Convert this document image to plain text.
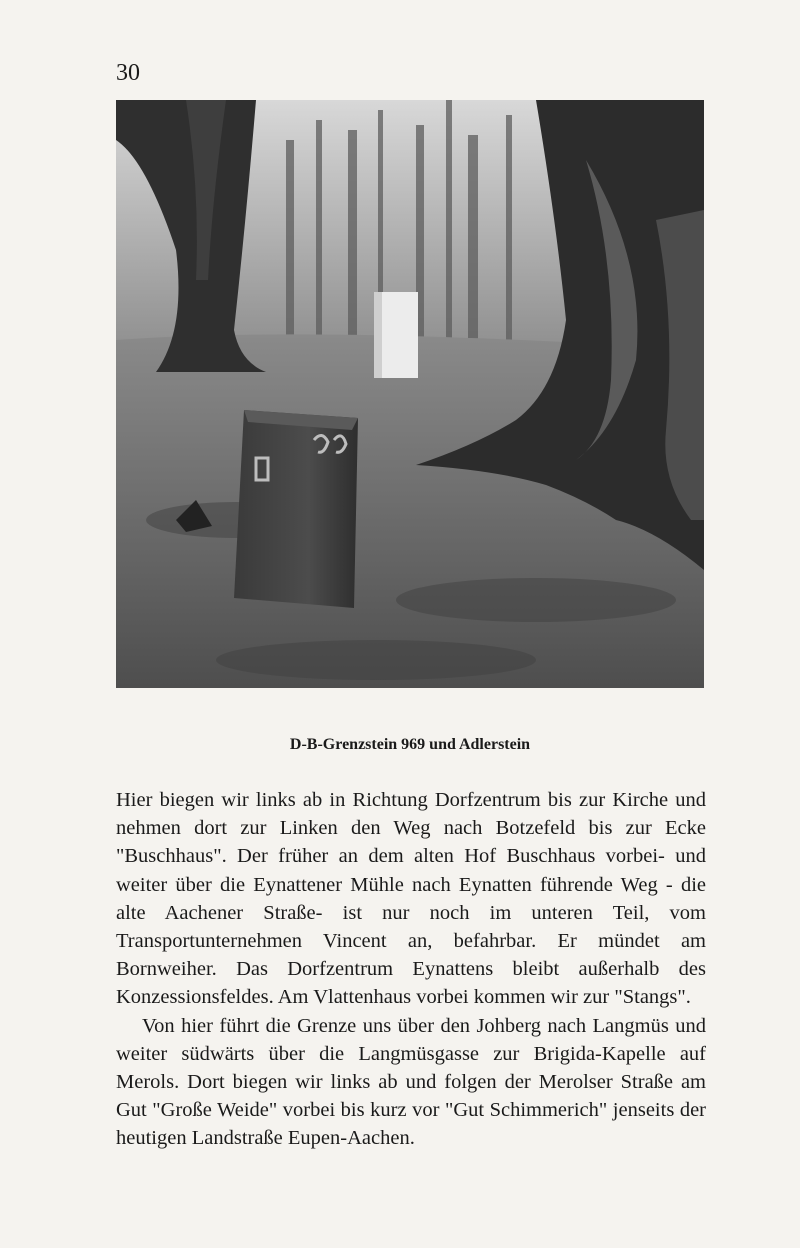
30
D-B-Grenzstein 969 und Adlerstein

Hier biegen wir links ab in Richtung Dorfzentrum bis zur Kirche und nehmen dort zur Linken den Weg nach Botzefeld bis zur Ecke "Buschhaus". Der früher an dem alten Hof Buschhaus vorbei- und weiter über die Eynattener Mühle nach Eynatten führende Weg - die alte Aachener Straße- ist nur noch im unteren Teil, vom Transportunternehmen Vincent an, befahrbar. Er mündet am Bornweiher. Das Dorfzentrum Eynattens bleibt außerhalb des Konzessionsfeldes. Am Vlattenhaus vorbei kommen wir zur "Stangs".

Von hier führt die Grenze uns über den Johberg nach Langmüs und weiter südwärts über die Langmüsgasse zur Brigida-Kapelle auf Merols. Dort biegen wir links ab und folgen der Merolser Straße am Gut "Große Weide" vorbei bis kurz vor "Gut Schimmerich" jenseits der heutigen Landstraße Eupen-Aachen.
